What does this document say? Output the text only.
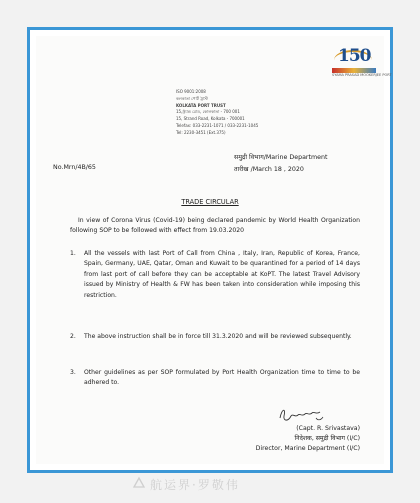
150
SYAMA PRASAD MOOKERJEE PORT
ISO 9001:2008
কলকাতা পোর্ট ট্রাস্ট
KOLKATA PORT TRUST
15,স্ট্র্যান্ড রোড, কোলকাতা - 700 001
15, Strand Road, Kolkata - 700001
Telefax: 033-2231-1071 / 033-2231-1045
Tel: 2230-3451 (Ext.375)
समुद्री विभाग/Marine Department
No.Mrn/4B/65	तारीख /March 18 , 2020
TRADE CIRCULAR
In view of Corona Virus (Covid-19) being declared pandemic by World Health Organization following SOP to be followed with effect from 19.03.2020
1. All the vessels with last Port of Call from China , Italy, Iran, Republic of Korea, France, Spain, Germany, UAE, Qatar, Oman and Kuwait to be quarantined for a period of 14 days from last port of call before they can be acceptable at KoPT. The latest Travel Advisory issued by Ministry of Health & FW has been taken into consideration while imposing this restriction.
2. The above instruction shall be in force till 31.3.2020 and will be reviewed subsequently.
3. Other guidelines as per SOP formulated by Port Health Organization time to time to be adhered to.
(Capt. R. Srivastava)
निदेशक, समुद्री विभाग (I/C)
Director, Marine Department (I/C)
航运界·罗敬伟
